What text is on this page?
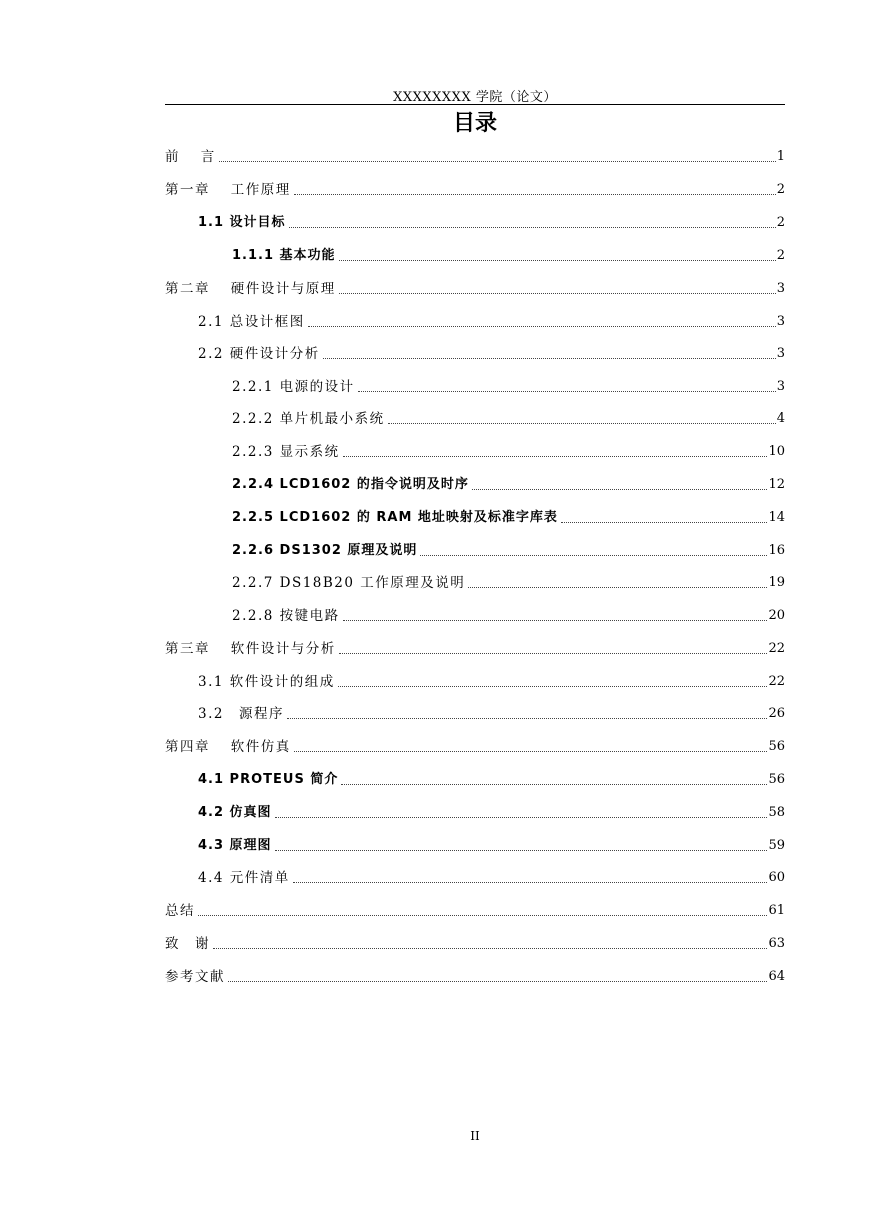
XXXXXXXX 学院（论文）
目录
前　 言	1
第一章　 工作原理	2
1.1 设计目标	2
1.1.1 基本功能	2
第二章　 硬件设计与原理	3
2.1 总设计框图	3
2.2 硬件设计分析	3
2.2.1 电源的设计	3
2.2.2 单片机最小系统	4
2.2.3 显示系统	10
2.2.4 LCD1602 的指令说明及时序	12
2.2.5 LCD1602 的 RAM 地址映射及标准字库表	14
2.2.6 DS1302 原理及说明	16
2.2.7 DS18B20 工作原理及说明	19
2.2.8 按键电路	20
第三章　 软件设计与分析	22
3.1 软件设计的组成	22
3.2　源程序	26
第四章　 软件仿真	56
4.1 PROTEUS 简介	56
4.2 仿真图	58
4.3 原理图	59
4.4 元件清单	60
总结	61
致　谢	63
参考文献	64
II
